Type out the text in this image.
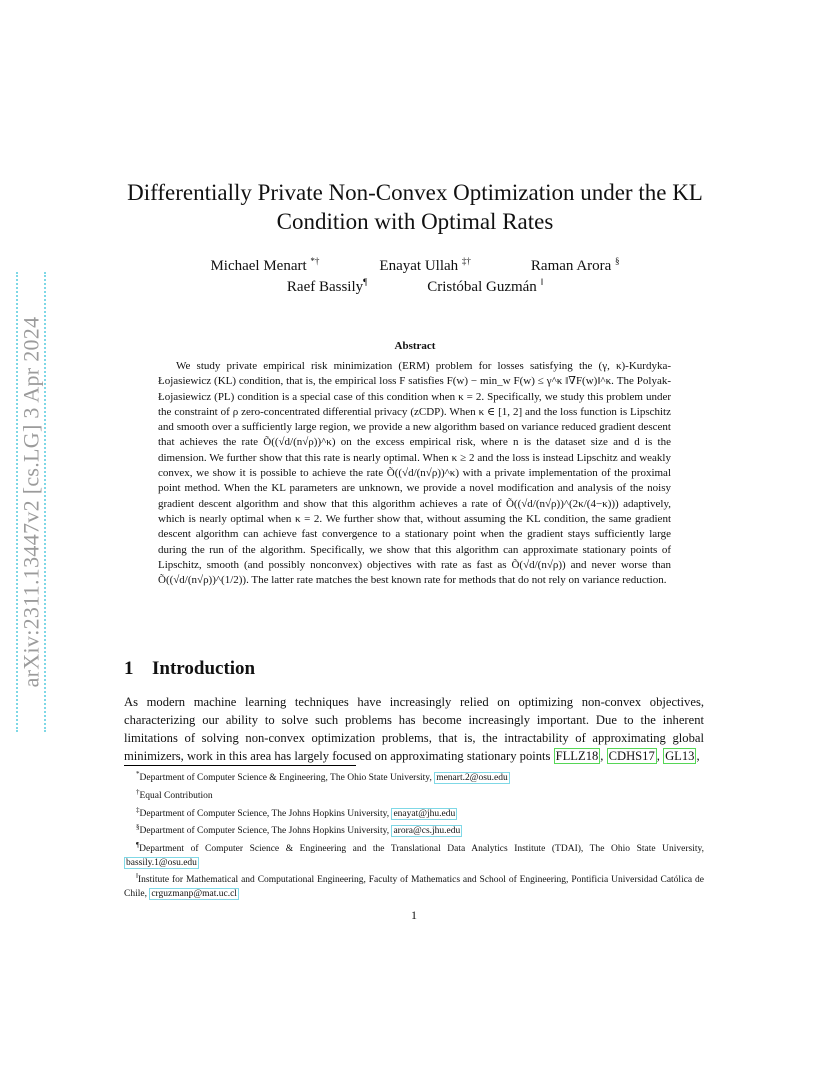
arXiv:2311.13447v2 [cs.LG] 3 Apr 2024
Differentially Private Non-Convex Optimization under the KL Condition with Optimal Rates
Michael Menart *†	Enayat Ullah ‡†	Raman Arora §
Raef Bassily¶	Cristóbal Guzmán ‖
Abstract

We study private empirical risk minimization (ERM) problem for losses satisfying the (γ, κ)-Kurdyka-Łojasiewicz (KL) condition, that is, the empirical loss F satisfies F(w) − min_w F(w) ≤ γ^κ ‖∇F(w)‖^κ. The Polyak-Łojasiewicz (PL) condition is a special case of this condition when κ = 2. Specifically, we study this problem under the constraint of ρ zero-concentrated differential privacy (zCDP). When κ ∈ [1, 2] and the loss function is Lipschitz and smooth over a sufficiently large region, we provide a new algorithm based on variance reduced gradient descent that achieves the rate Õ((√d/(n√ρ))^κ) on the excess empirical risk, where n is the dataset size and d is the dimension. We further show that this rate is nearly optimal. When κ ≥ 2 and the loss is instead Lipschitz and weakly convex, we show it is possible to achieve the rate Õ((√d/(n√ρ))^κ) with a private implementation of the proximal point method. When the KL parameters are unknown, we provide a novel modification and analysis of the noisy gradient descent algorithm and show that this algorithm achieves a rate of Õ((√d/(n√ρ))^(2κ/(4−κ))) adaptively, which is nearly optimal when κ = 2. We further show that, without assuming the KL condition, the same gradient descent algorithm can achieve fast convergence to a stationary point when the gradient stays sufficiently large during the run of the algorithm. Specifically, we show that this algorithm can approximate stationary points of Lipschitz, smooth (and possibly nonconvex) objectives with rate as fast as Õ(√d/(n√ρ)) and never worse than Õ((√d/(n√ρ))^(1/2)). The latter rate matches the best known rate for methods that do not rely on variance reduction.

1 Introduction

As modern machine learning techniques have increasingly relied on optimizing non-convex objectives, characterizing our ability to solve such problems has become increasingly important. Due to the inherent limitations of solving non-convex optimization problems, that is, the intractability of approximating global minimizers, work in this area has largely focused on approximating stationary points FLLZ18 , CDHS17 , GL13 ,

*Department of Computer Science & Engineering, The Ohio State University, menart.2@osu.edu

†Equal Contribution

‡Department of Computer Science, The Johns Hopkins University, enayat@jhu.edu

§Department of Computer Science, The Johns Hopkins University, arora@cs.jhu.edu

¶Department of Computer Science & Engineering and the Translational Data Analytics Institute (TDAI), The Ohio State University, bassily.1@osu.edu

‖Institute for Mathematical and Computational Engineering, Faculty of Mathematics and School of Engineering, Pontificia Universidad Católica de Chile, crguzmanp@mat.uc.cl

1
